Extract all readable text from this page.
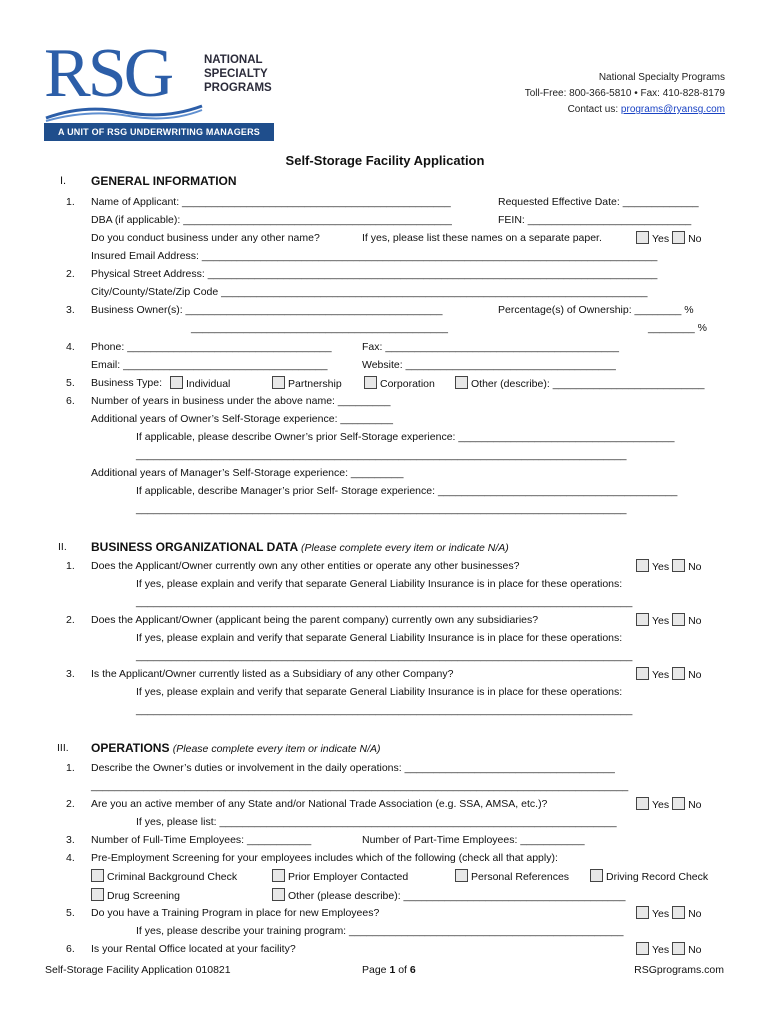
RSG	NATIONAL
SPECIALTY
PROGRAMS
A UNIT OF RSG UNDERWRITING MANAGERS
National Specialty Programs
Toll-Free: 800-366-5810 • Fax: 410-828-8179
Contact us: programs@ryansg.com
Self-Storage Facility Application
I. GENERAL INFORMATION
1. Name of Applicant: ______________________________________________	Requested Effective Date: _____________
DBA (if applicable): ______________________________________________	FEIN: ____________________________
Do you conduct business under any other name?	If yes, please list these names on a separate paper.	Yes No
Insured Email Address: ______________________________________________________________________________
2. Physical Street Address: _____________________________________________________________________________
City/County/State/Zip Code _________________________________________________________________________
3. Business Owner(s): ____________________________________________	Percentage(s) of Ownership: ________ %
____________________________________________	________ %
4. Phone: ___________________________________	Fax: ________________________________________
Email: ___________________________________	Website: ____________________________________
5. Business Type:	Individual	Partnership	Corporation	Other (describe): __________________________
6. Number of years in business under the above name: _________
Additional years of Owner’s Self-Storage experience: _________
If applicable, please describe Owner’s prior Self-Storage experience: _____________________________________
____________________________________________________________________________________
Additional years of Manager’s Self-Storage experience: _________
If applicable, describe Manager’s prior Self- Storage experience: _________________________________________
____________________________________________________________________________________
II. BUSINESS ORGANIZATIONAL DATA (Please complete every item or indicate N/A)
1. Does the Applicant/Owner currently own any other entities or operate any other businesses?	Yes No
If yes, please explain and verify that separate General Liability Insurance is in place for these operations:
_____________________________________________________________________________________
2. Does the Applicant/Owner (applicant being the parent company) currently own any subsidiaries?	Yes No
If yes, please explain and verify that separate General Liability Insurance is in place for these operations:
_____________________________________________________________________________________
3. Is the Applicant/Owner currently listed as a Subsidiary of any other Company?	Yes No
If yes, please explain and verify that separate General Liability Insurance is in place for these operations:
_____________________________________________________________________________________
III. OPERATIONS (Please complete every item or indicate N/A)
1. Describe the Owner’s duties or involvement in the daily operations: ____________________________________
____________________________________________________________________________________________
2. Are you an active member of any State and/or National Trade Association (e.g. SSA, AMSA, etc.)?	Yes No
If yes, please list: ____________________________________________________________________
3. Number of Full-Time Employees: ___________	Number of Part-Time Employees: ___________
4. Pre-Employment Screening for your employees includes which of the following (check all that apply):
Criminal Background Check	Prior Employer Contacted	Personal References	Driving Record Check
Drug Screening	Other (please describe): ______________________________________
5. Do you have a Training Program in place for new Employees?	Yes No
If yes, please describe your training program: _______________________________________________
6. Is your Rental Office located at your facility?	Yes No
Self-Storage Facility Application 010821	Page 1 of 6	RSGprograms.com
